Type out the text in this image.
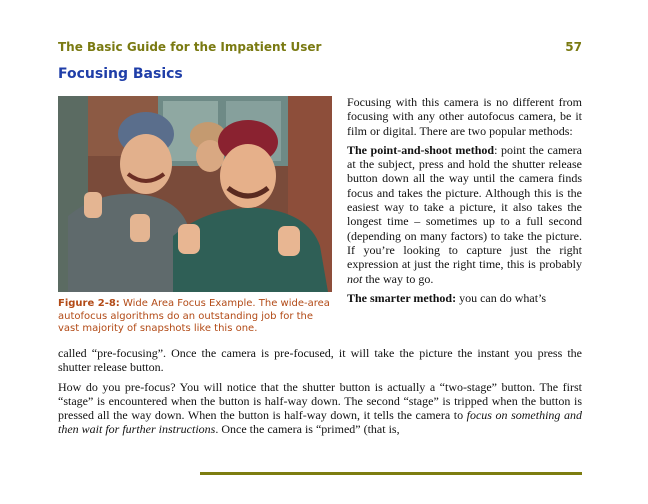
The Basic Guide for the Impatient User	57
Focusing Basics
Figure 2-8: Wide Area Focus Example. The wide-area autofocus algorithms do an outstanding job for the vast majority of snapshots like this one.

Focusing with this camera is no different from focusing with any other autofocus camera, be it film or digital. There are two popular methods:

The point-and-shoot method: point the camera at the subject, press and hold the shutter release button down all the way until the camera finds focus and takes the picture. Although this is the easiest way to take a picture, it also takes the longest time – sometimes up to a full second (depending on many factors) to take the picture. If you’re looking to capture just the right expression at just the right time, this is probably not the way to go.

The smarter method: you can do what’s

called “pre-focusing”. Once the camera is pre-focused, it will take the picture the instant you press the shutter release button.

How do you pre-focus? You will notice that the shutter button is actually a “two-stage” button. The first “stage” is encountered when the button is half-way down. The second “stage” is tripped when the button is pressed all the way down. When the button is half-way down, it tells the camera to focus on something and then wait for further instructions. Once the camera is “primed” (that is,
